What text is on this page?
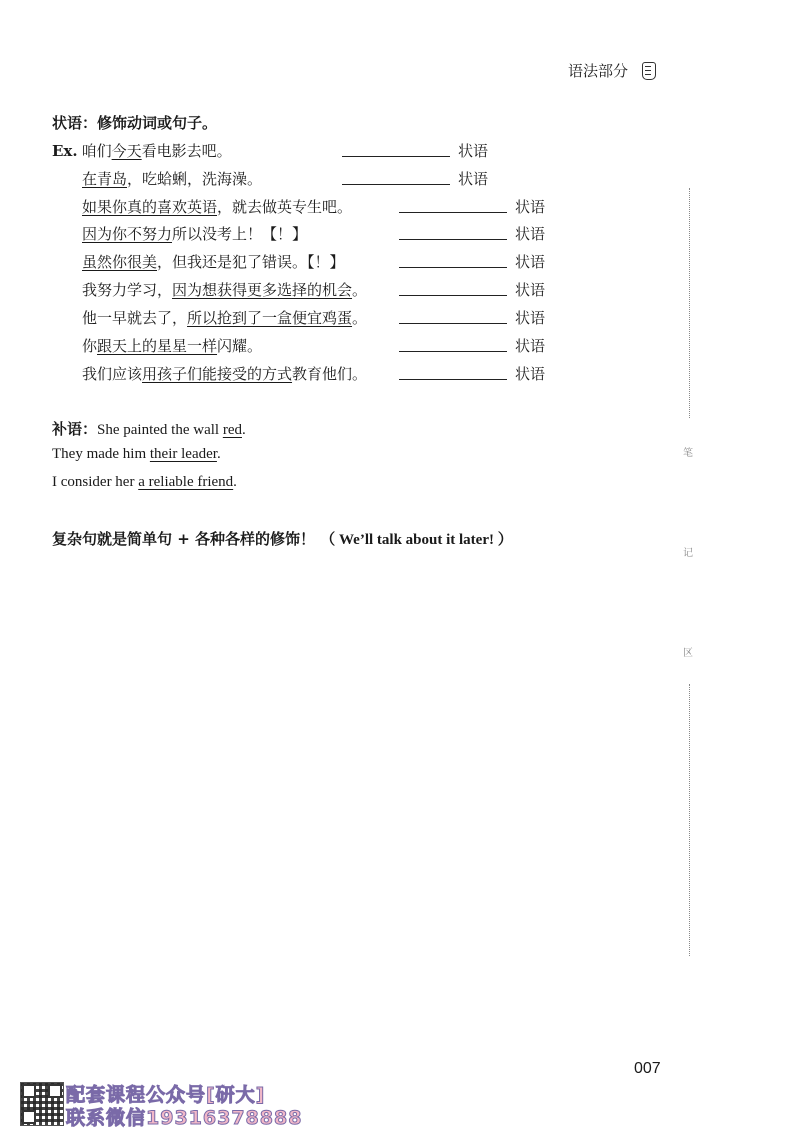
语法部分
状语：修饰动词或句子。
Ex. 咱们今天看电影去吧。	状语
在青岛，吃蛤蜊，洗海澡。	状语
如果你真的喜欢英语，就去做英专生吧。	状语
因为你不努力所以没考上！【！】	状语
虽然你很美，但我还是犯了错误。【！】	状语
我努力学习，因为想获得更多选择的机会。	状语
他一早就去了，所以抢到了一盒便宜鸡蛋。	状语
你跟天上的星星一样闪耀。	状语
我们应该用孩子们能接受的方式教育他们。	状语
补语：She painted the wall red.
They made him their leader.
I consider her a reliable friend.
复杂句就是简单句 + 各种各样的修饰！ （ We’ll talk about it later! ）
笔
记
区
007
配套课程公众号[研大]
联系微信19316378888
